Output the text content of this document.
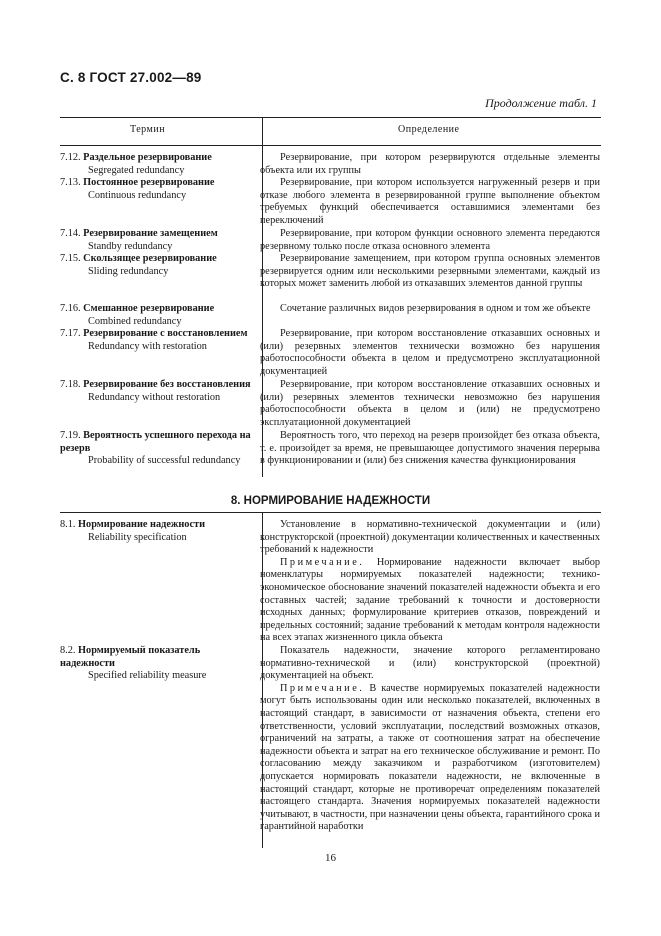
С. 8 ГОСТ 27.002—89
Продолжение табл. 1
Термин	Определение
7.12. Раздельное резервирование
Segregated redundancy

Резервирование, при котором резервируются отдельные элементы объекта или их группы

7.13. Постоянное резервирование
Continuous redundancy

Резервирование, при котором используется нагруженный резерв и при отказе любого элемента в резервированной группе выполнение объектом требуемых функций обеспечивается оставшимися элементами без переключений

7.14. Резервирование замещением
Standby redundancy

Резервирование, при котором функции основного элемента передаются резервному только после отказа основного элемента

7.15. Скользящее резервирование
Sliding redundancy

Резервирование замещением, при котором группа основных элементов резервируется одним или несколькими резервными элементами, каждый из которых может заменить любой из отказавших элементов данной группы

7.16. Смешанное резервирование
Combined redundancy

Сочетание различных видов резервирования в одном и том же объекте

7.17. Резервирование с восстановлением
Redundancy with restoration

Резервирование, при котором восстановление отказавших основных и (или) резервных элементов технически возможно без нарушения работоспособности объекта в целом и предусмотрено эксплуатационной документацией

7.18. Резервирование без восстановления
Redundancy without restoration

Резервирование, при котором восстановление отказавших основных и (или) резервных элементов технически невозможно без нарушения работоспособности объекта в целом и (или) не предусмотрено эксплуатационной документацией

7.19. Вероятность успешного перехода на резерв
Probability of successful redundancy

Вероятность того, что переход на резерв произойдет без отказа объекта, т. е. произойдет за время, не превышающее допустимого значения перерыва в функционировании и (или) без снижения качества функционирования

8. НОРМИРОВАНИЕ НАДЕЖНОСТИ
8.1. Нормирование надежности
Reliability specification

Установление в нормативно-технической документации и (или) конструкторской (проектной) документации количественных и качественных требований к надежности

Примечание. Нормирование надежности включает выбор номенклатуры нормируемых показателей надежности; технико-экономическое обоснование значений показателей надежности объекта и его составных частей; задание требований к точности и достоверности исходных данных; формулирование критериев отказов, повреждений и предельных состояний; задание требований к методам контроля надежности на всех этапах жизненного цикла объекта

8.2. Нормируемый показатель надежности
Specified reliability measure

Показатель надежности, значение которого регламентировано нормативно-технической и (или) конструкторской (проектной) документацией на объект.

Примечание. В качестве нормируемых показателей надежности могут быть использованы один или несколько показателей, включенных в настоящий стандарт, в зависимости от назначения объекта, степени его ответственности, условий эксплуатации, последствий возможных отказов, ограничений на затраты, а также от соотношения затрат на обеспечение надежности объекта и затрат на его техническое обслуживание и ремонт. По согласованию между заказчиком и разработчиком (изготовителем) допускается нормировать показатели надежности, не включенные в настоящий стандарт, которые не противоречат определениям показателей настоящего стандарта. Значения нормируемых показателей надежности учитывают, в частности, при назначении цены объекта, гарантийного срока и гарантийной наработки

16
